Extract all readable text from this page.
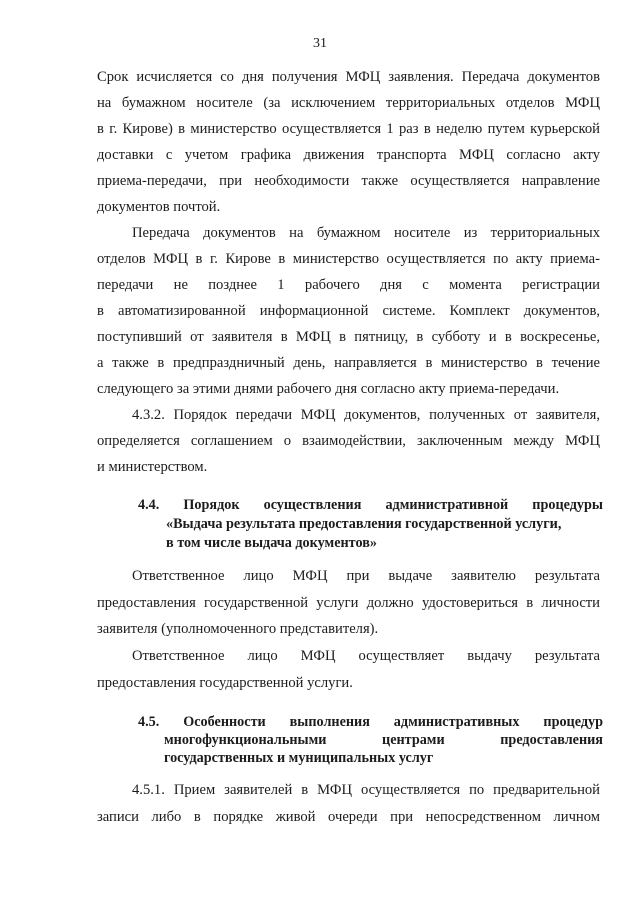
31
Срок исчисляется со дня получения МФЦ заявления. Передача документов
на бумажном носителе (за исключением территориальных отделов МФЦ
в г. Кирове) в министерство осуществляется 1 раз в неделю путем курьерской
доставки с учетом графика движения транспорта МФЦ согласно акту
приема-передачи, при необходимости также осуществляется направление
документов почтой.
Передача документов на бумажном носителе из территориальных
отделов МФЦ в г. Кирове в министерство осуществляется по акту приема-
передачи не позднее 1 рабочего дня с момента регистрации
в автоматизированной информационной системе. Комплект документов,
поступивший от заявителя в МФЦ в пятницу, в субботу и в воскресенье,
а также в предпраздничный день, направляется в министерство в течение
следующего за этими днями рабочего дня согласно акту приема-передачи.
4.3.2. Порядок передачи МФЦ документов, полученных от заявителя,
определяется соглашением о взаимодействии, заключенным между МФЦ
и министерством.
4.4. Порядок осуществления административной процедуры
«Выдача результата предоставления государственной услуги,
в том числе выдача документов»
Ответственное лицо МФЦ при выдаче заявителю результата
предоставления государственной услуги должно удостовериться в личности
заявителя (уполномоченного представителя).
Ответственное лицо МФЦ осуществляет выдачу результата
предоставления государственной услуги.
4.5. Особенности выполнения административных процедур
многофункциональными центрами предоставления
государственных и муниципальных услуг
4.5.1. Прием заявителей в МФЦ осуществляется по предварительной
записи либо в порядке живой очереди при непосредственном личном
